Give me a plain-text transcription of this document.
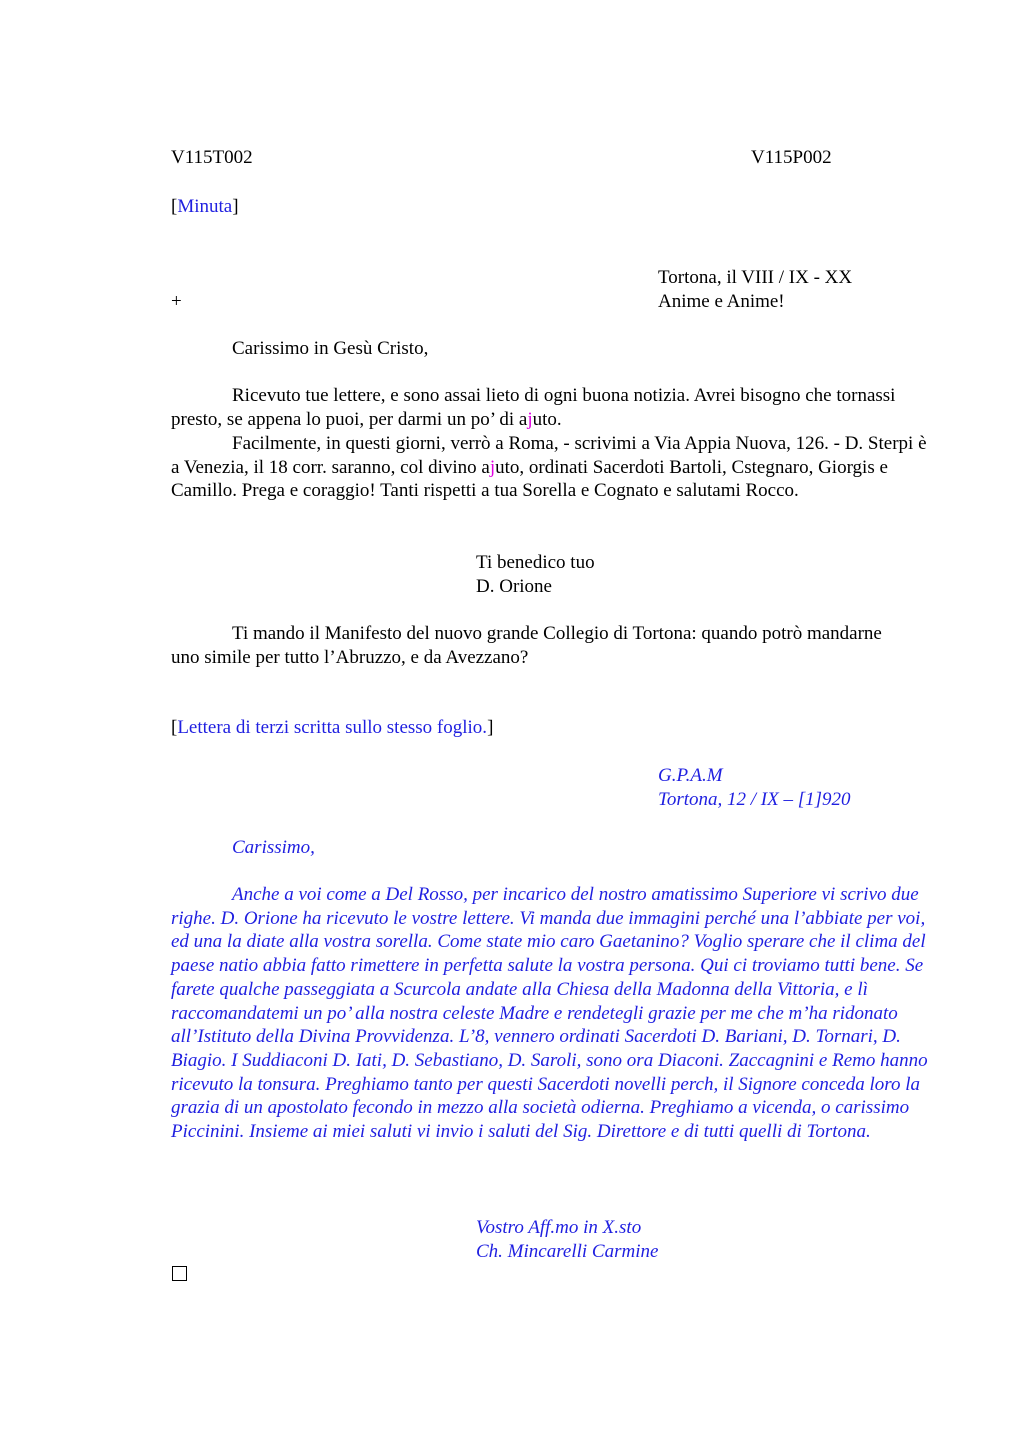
V115T002	V115P002
[Minuta]
Tortona, il VIII / IX - XX
+	Anime e Anime!
Carissimo in Gesù Cristo,
Ricevuto tue lettere, e sono assai lieto di ogni buona notizia. Avrei bisogno che tornassi presto, se appena lo puoi, per darmi un po’ di ajuto.
Facilmente, in questi giorni, verrò a Roma, - scrivimi a Via Appia Nuova, 126. - D. Sterpi è a Venezia, il 18 corr. saranno, col divino ajuto, ordinati Sacerdoti Bartoli, Cstegnaro, Giorgis e Camillo. Prega e coraggio! Tanti rispetti a tua Sorella e Cognato e salutami Rocco.
Ti benedico tuo
D. Orione
Ti mando il Manifesto del nuovo grande Collegio di Tortona: quando potrò mandarne uno simile per tutto l’Abruzzo, e da Avezzano?
[Lettera di terzi scritta sullo stesso foglio.]
G.P.A.M
Tortona, 12 / IX – [1]920
Carissimo,
Anche a voi come a Del Rosso, per incarico del nostro amatissimo Superiore vi scrivo due righe. D. Orione ha ricevuto le vostre lettere. Vi manda due immagini perché una l’abbiate per voi, ed una la diate alla vostra sorella. Come state mio caro Gaetanino? Voglio sperare che il clima del paese natio abbia fatto rimettere in perfetta salute la vostra persona. Qui ci troviamo tutti bene. Se farete qualche passeggiata a Scurcola andate alla Chiesa della Madonna della Vittoria, e lì raccomandatemi un po’ alla nostra celeste Madre e rendetegli grazie per me che m’ha ridonato all’Istituto della Divina Provvidenza. L’8, vennero ordinati Sacerdoti D. Bariani, D. Tornari, D. Biagio. I Suddiaconi D. Iati, D. Sebastiano, D. Saroli, sono ora Diaconi. Zaccagnini e Remo hanno ricevuto la tonsura. Preghiamo tanto per questi Sacerdoti novelli perch, il Signore conceda loro la grazia di un apostolato fecondo in mezzo alla società odierna. Preghiamo a vicenda, o carissimo Piccinini. Insieme ai miei saluti vi invio i saluti del Sig. Direttore e di tutti quelli di Tortona.
Vostro Aff.mo in X.sto
Ch. Mincarelli Carmine
